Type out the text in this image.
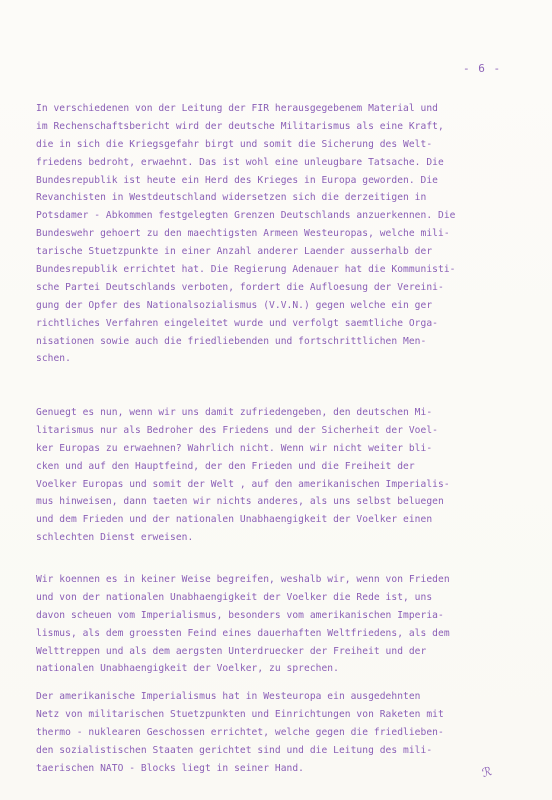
- 6 -
In verschiedenen von der Leitung der FIR herausgegebenem Material und
im Rechenschaftsbericht wird der deutsche Militarismus als eine Kraft,
die in sich die Kriegsgefahr birgt und somit die Sicherung des Welt-
friedens bedroht, erwaehnt. Das ist wohl eine unleugbare Tatsache. Die
Bundesrepublik ist heute ein Herd des Krieges in Europa geworden. Die
Revanchisten in Westdeutschland widersetzen sich die derzeitigen in
Potsdamer - Abkommen festgelegten Grenzen Deutschlands anzuerkennen. Die
Bundeswehr gehoert zu den maechtigsten Armeen Westeuropas, welche mili-
tarische Stuetzpunkte in einer Anzahl anderer Laender ausserhalb der
Bundesrepublik errichtet hat. Die Regierung Adenauer hat die Kommunisti-
sche Partei Deutschlands verboten, fordert die Aufloesung der Vereini-
gung der Opfer des Nationalsozialismus (V.V.N.) gegen welche ein ger
richtliches Verfahren eingeleitet wurde und verfolgt saemtliche Orga-
nisationen sowie auch die friedliebenden und fortschrittlichen Men-
schen.
Genuegt es nun, wenn wir uns damit zufriedengeben, den deutschen Mi-
litarismus nur als Bedroher des Friedens und der Sicherheit der Voel-
ker Europas zu erwaehnen? Wahrlich nicht. Wenn wir nicht weiter bli-
cken und auf den Hauptfeind, der den Frieden und die Freiheit der
Voelker Europas und somit der Welt , auf den amerikanischen Imperialis-
mus hinweisen, dann taeten wir nichts anderes, als uns selbst beluegen
und dem Frieden und der nationalen Unabhaengigkeit der Voelker einen
schlechten Dienst erweisen.
Wir koennen es in keiner Weise begreifen, weshalb wir, wenn von Frieden
und von der nationalen Unabhaengigkeit der Voelker die Rede ist, uns
davon scheuen vom Imperialismus, besonders vom amerikanischen Imperia-
lismus, als dem groessten Feind eines dauerhaften Weltfriedens, als dem
Welttreppen und als dem aergsten Unterdruecker der Freiheit und der
nationalen Unabhaengigkeit der Voelker, zu sprechen.
Der amerikanische Imperialismus hat in Westeuropa ein ausgedehnten
Netz von militarischen Stuetzpunkten und Einrichtungen von Raketen mit
thermo - nuklearen Geschossen errichtet, welche gegen die friedlieben-
den sozialistischen Staaten gerichtet sind und die Leitung des mili-
taerischen NATO - Blocks liegt in seiner Hand.	ℛ
